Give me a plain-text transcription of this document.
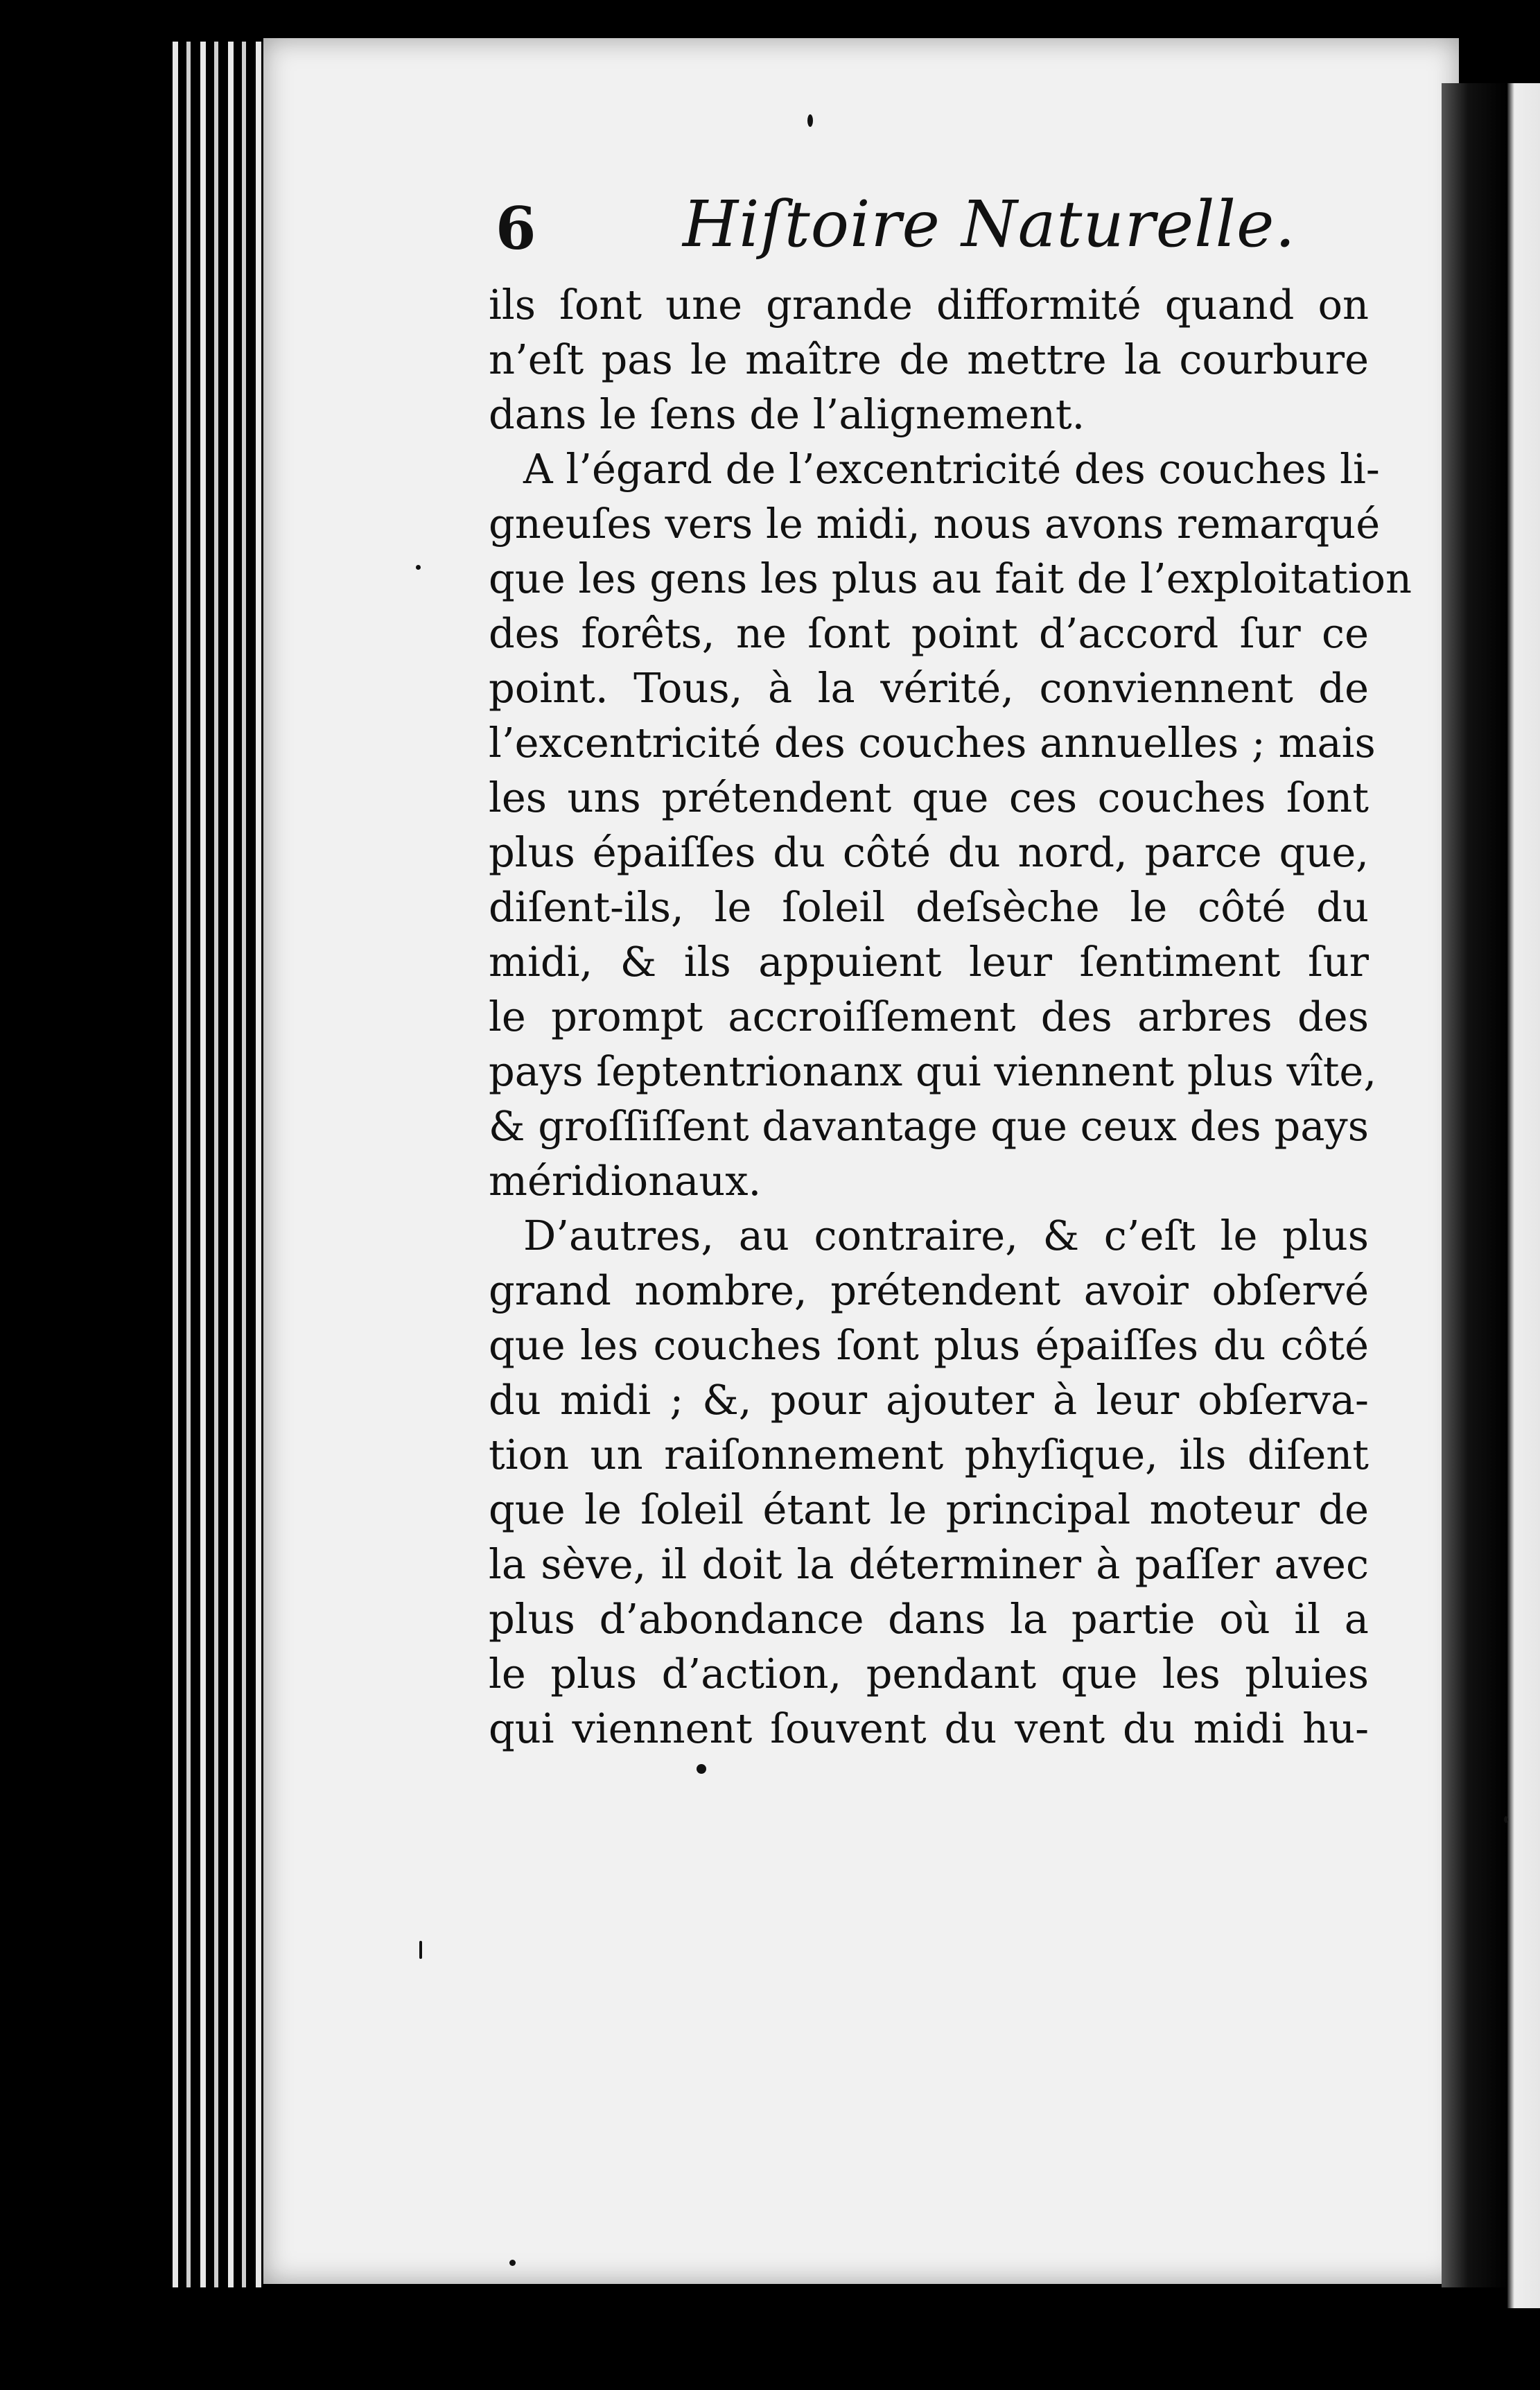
6 Hiſtoire Naturelle.
ils ſont une grande difformité quand on
n’eſt pas le maître de mettre la courbure
dans le ſens de l’alignement.
A l’égard de l’excentricité des couches li-
gneuſes vers le midi, nous avons remarqué
que les gens les plus au fait de l’exploitation
des forêts, ne ſont point d’accord ſur ce
point. Tous, à la vérité, conviennent de
l’excentricité des couches annuelles ; mais
les uns prétendent que ces couches ſont
plus épaiſſes du côté du nord, parce que,
diſent-ils, le ſoleil deſsèche le côté du
midi, & ils appuient leur ſentiment ſur
le prompt accroiſſement des arbres des
pays ſeptentrionanx qui viennent plus vîte,
& groſſiſſent davantage que ceux des pays
méridionaux.
D’autres, au contraire, & c’eſt le plus
grand nombre, prétendent avoir obſervé
que les couches ſont plus épaiſſes du côté
du midi ; &, pour ajouter à leur obſerva-
tion un raiſonnement phyſique, ils diſent
que le ſoleil étant le principal moteur de
la sève, il doit la déterminer à paſſer avec
plus d’abondance dans la partie où il a
le plus d’action, pendant que les pluies
qui viennent ſouvent du vent du midi hu-
